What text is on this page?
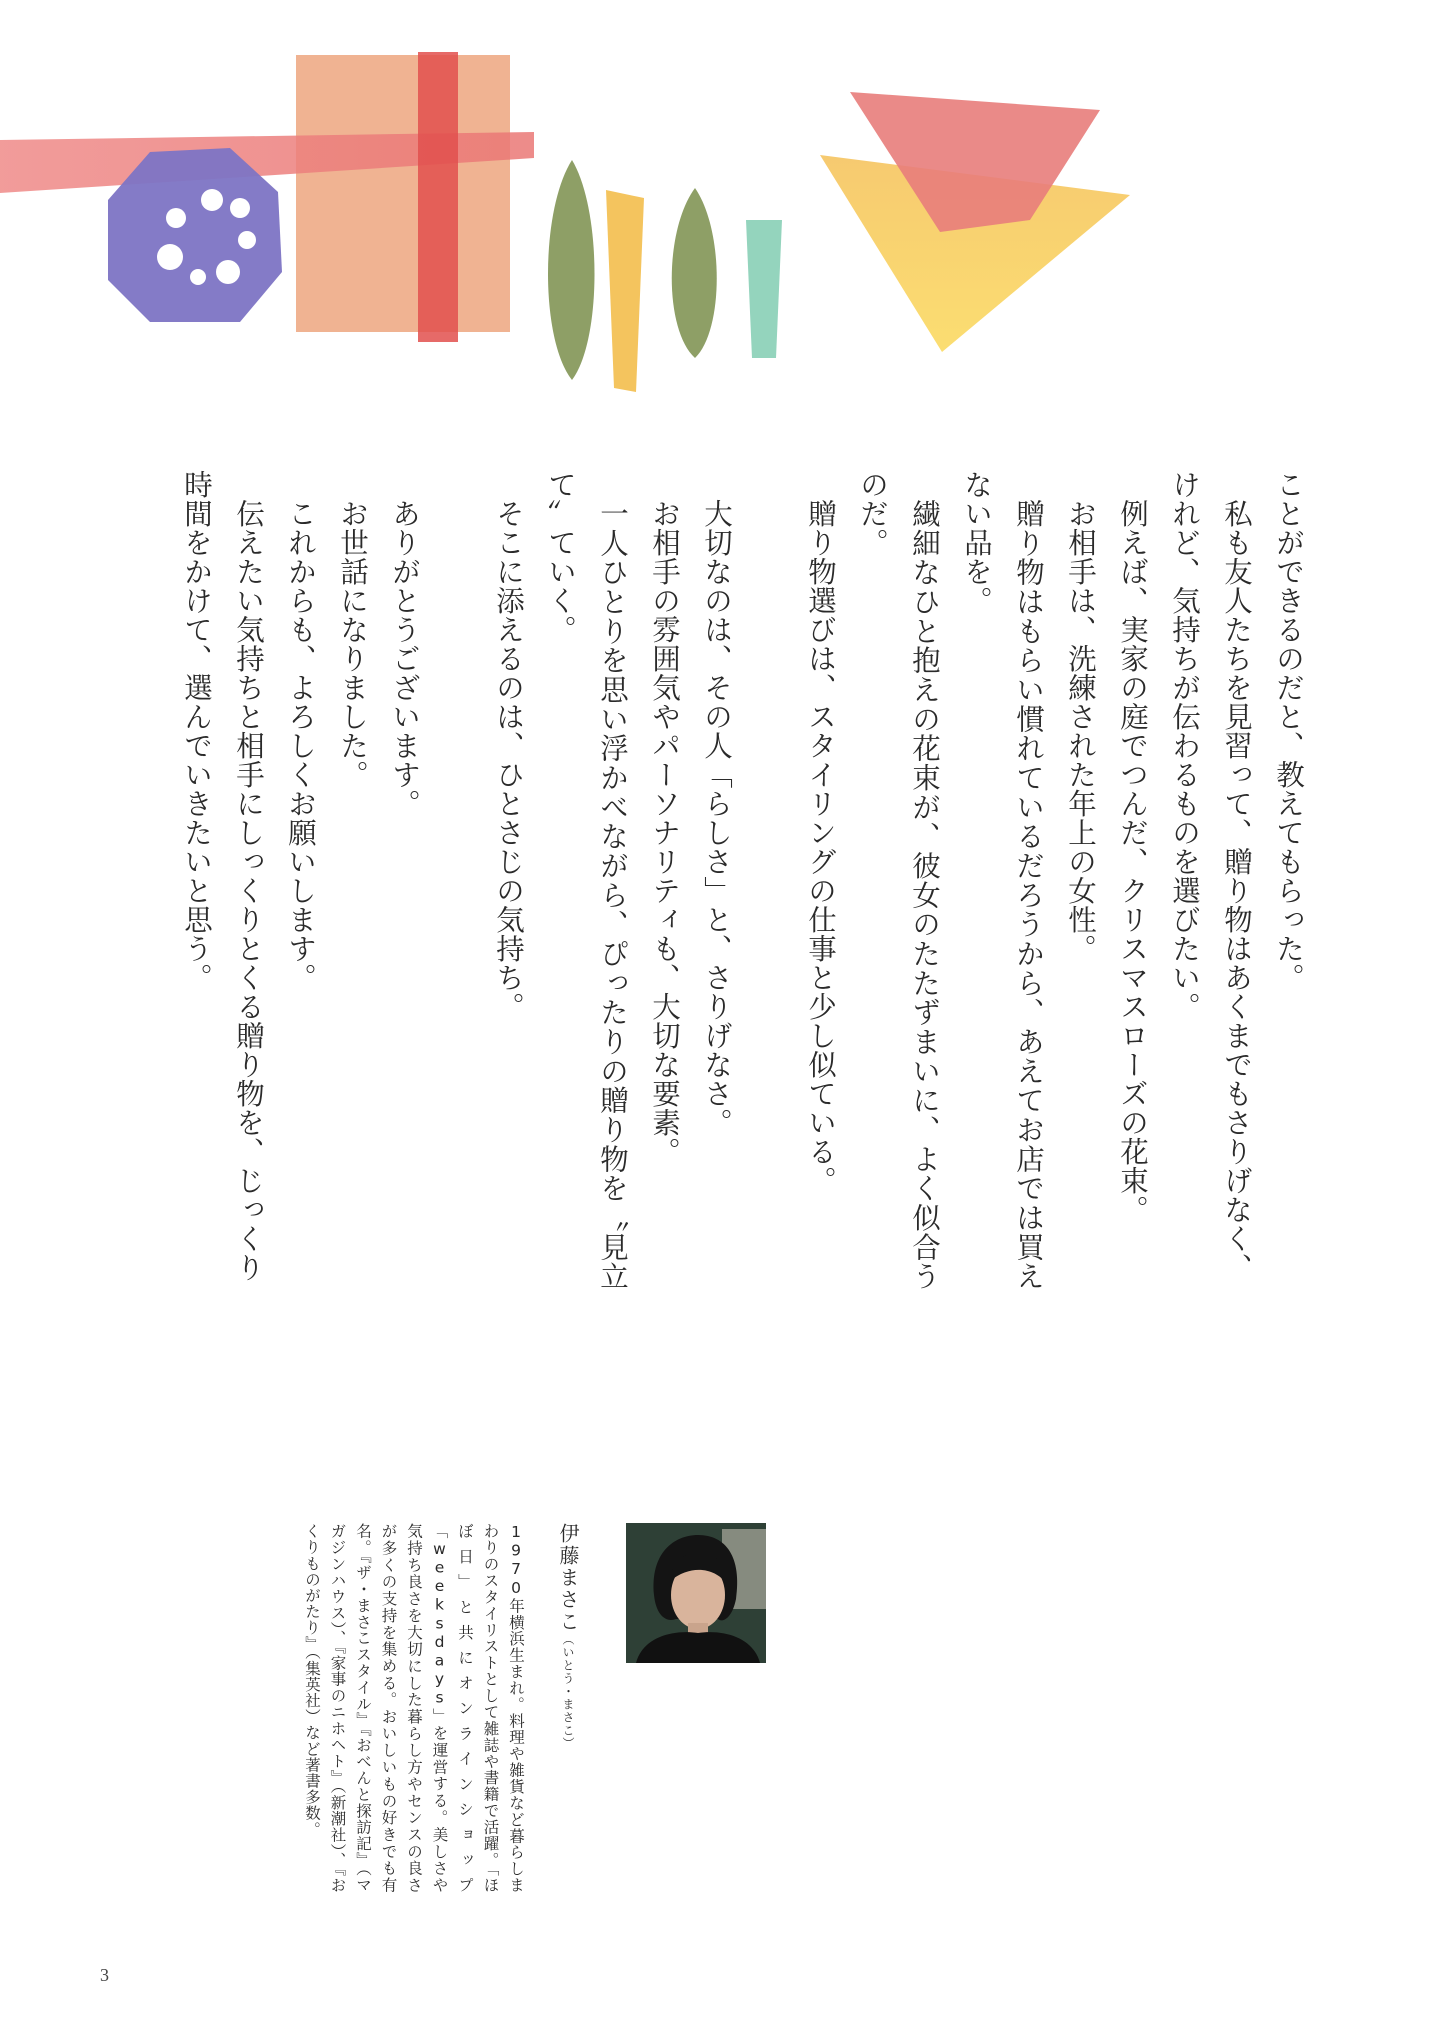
ことができるのだと、教えてもらった。

私も友人たちを見習って、贈り物はあくまでもさりげなく、

けれど、気持ちが伝わるものを選びたい。

例えば、実家の庭でつんだ、クリスマスローズの花束。

お相手は、洗練された年上の女性。

贈り物はもらい慣れているだろうから、あえてお店では買えない品を。

繊細なひと抱えの花束が、彼女のたたずまいに、よく似合うのだ。

贈り物選びは、スタイリングの仕事と少し似ている。

大切なのは、その人「らしさ」と、さりげなさ。

お相手の雰囲気やパーソナリティも、大切な要素。

一人ひとりを思い浮かべながら、ぴったりの贈り物を〝見立て〟ていく。

そこに添えるのは、ひとさじの気持ち。

ありがとうございます。

お世話になりました。

これからも、よろしくお願いします。

伝えたい気持ちと相手にしっくりとくる贈り物を、じっくり

時間をかけて、選んでいきたいと思う。

伊藤まさこ（いとう・まさこ）
1970年横浜生まれ。料理や雑貨など暮らしまわりのスタイリストとして雑誌や書籍で活躍。「ほぼ日」と共にオンラインショップ「weeksdays」を運営する。美しさや気持ち良さを大切にした暮らし方やセンスの良さが多くの支持を集める。おいしいもの好きでも有名。『ザ・まさこスタイル』『おべんと探訪記』（マガジンハウス）、『家事のニホヘト』（新潮社）、『おくりものがたり』（集英社）など著書多数。
3
